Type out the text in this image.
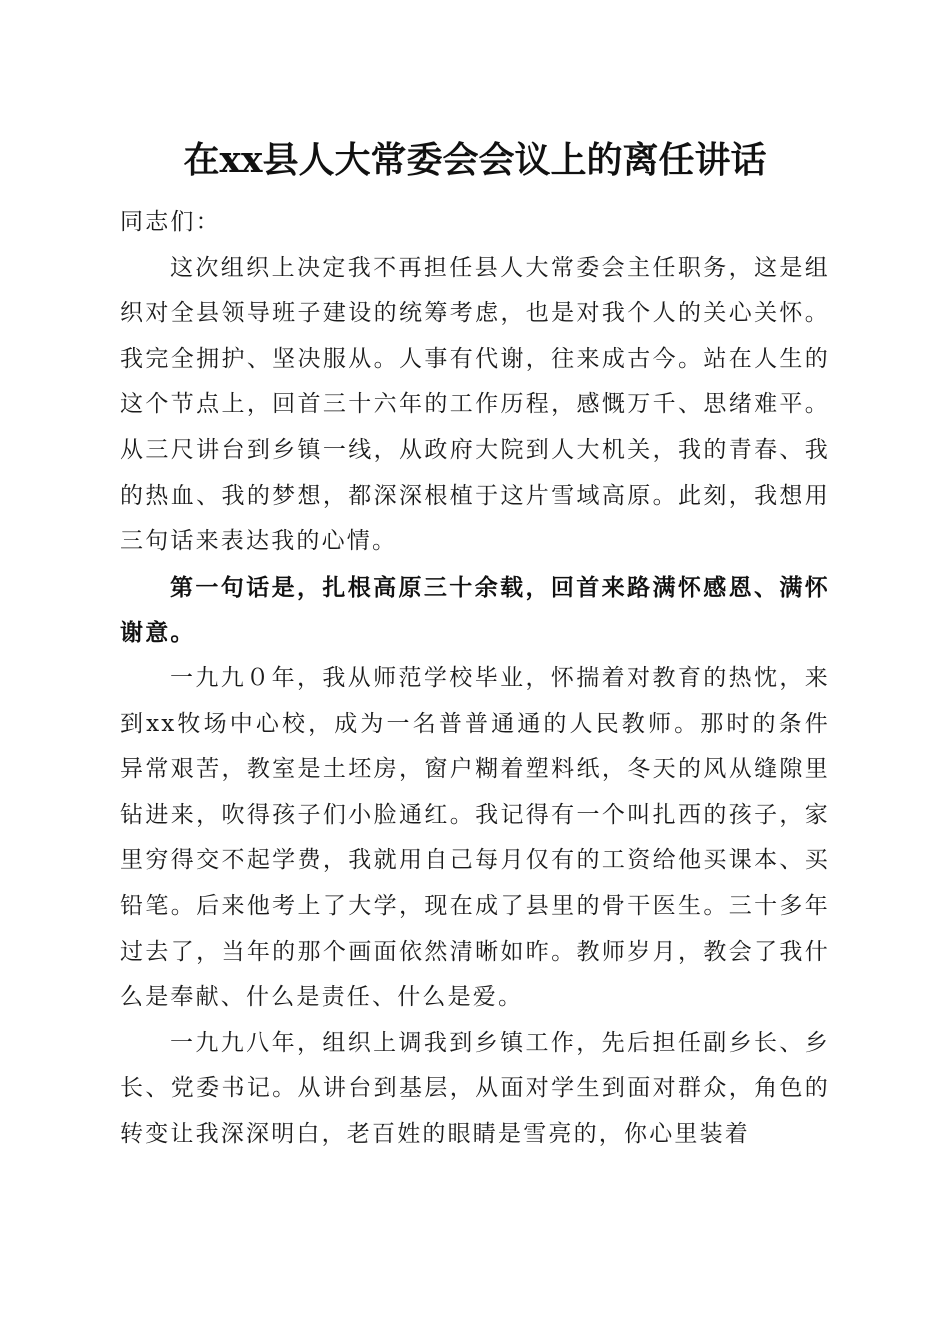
在xx县人大常委会会议上的离任讲话

同志们：

这次组织上决定我不再担任县人大常委会主任职务，这是组织对全县领导班子建设的统筹考虑，也是对我个人的关心关怀。我完全拥护、坚决服从。人事有代谢，往来成古今。站在人生的这个节点上，回首三十六年的工作历程，感慨万千、思绪难平。从三尺讲台到乡镇一线，从政府大院到人大机关，我的青春、我的热血、我的梦想，都深深根植于这片雪域高原。此刻，我想用三句话来表达我的心情。

第一句话是，扎根高原三十余载，回首来路满怀感恩、满怀谢意。

一九九０年，我从师范学校毕业，怀揣着对教育的热忱，来到xx牧场中心校，成为一名普普通通的人民教师。那时的条件异常艰苦，教室是土坯房，窗户糊着塑料纸，冬天的风从缝隙里钻进来，吹得孩子们小脸通红。我记得有一个叫扎西的孩子，家里穷得交不起学费，我就用自己每月仅有的工资给他买课本、买铅笔。后来他考上了大学，现在成了县里的骨干医生。三十多年过去了，当年的那个画面依然清晰如昨。教师岁月，教会了我什么是奉献、什么是责任、什么是爱。

一九九八年，组织上调我到乡镇工作，先后担任副乡长、乡长、党委书记。从讲台到基层，从面对学生到面对群众，角色的转变让我深深明白，老百姓的眼睛是雪亮的，你心里装着
